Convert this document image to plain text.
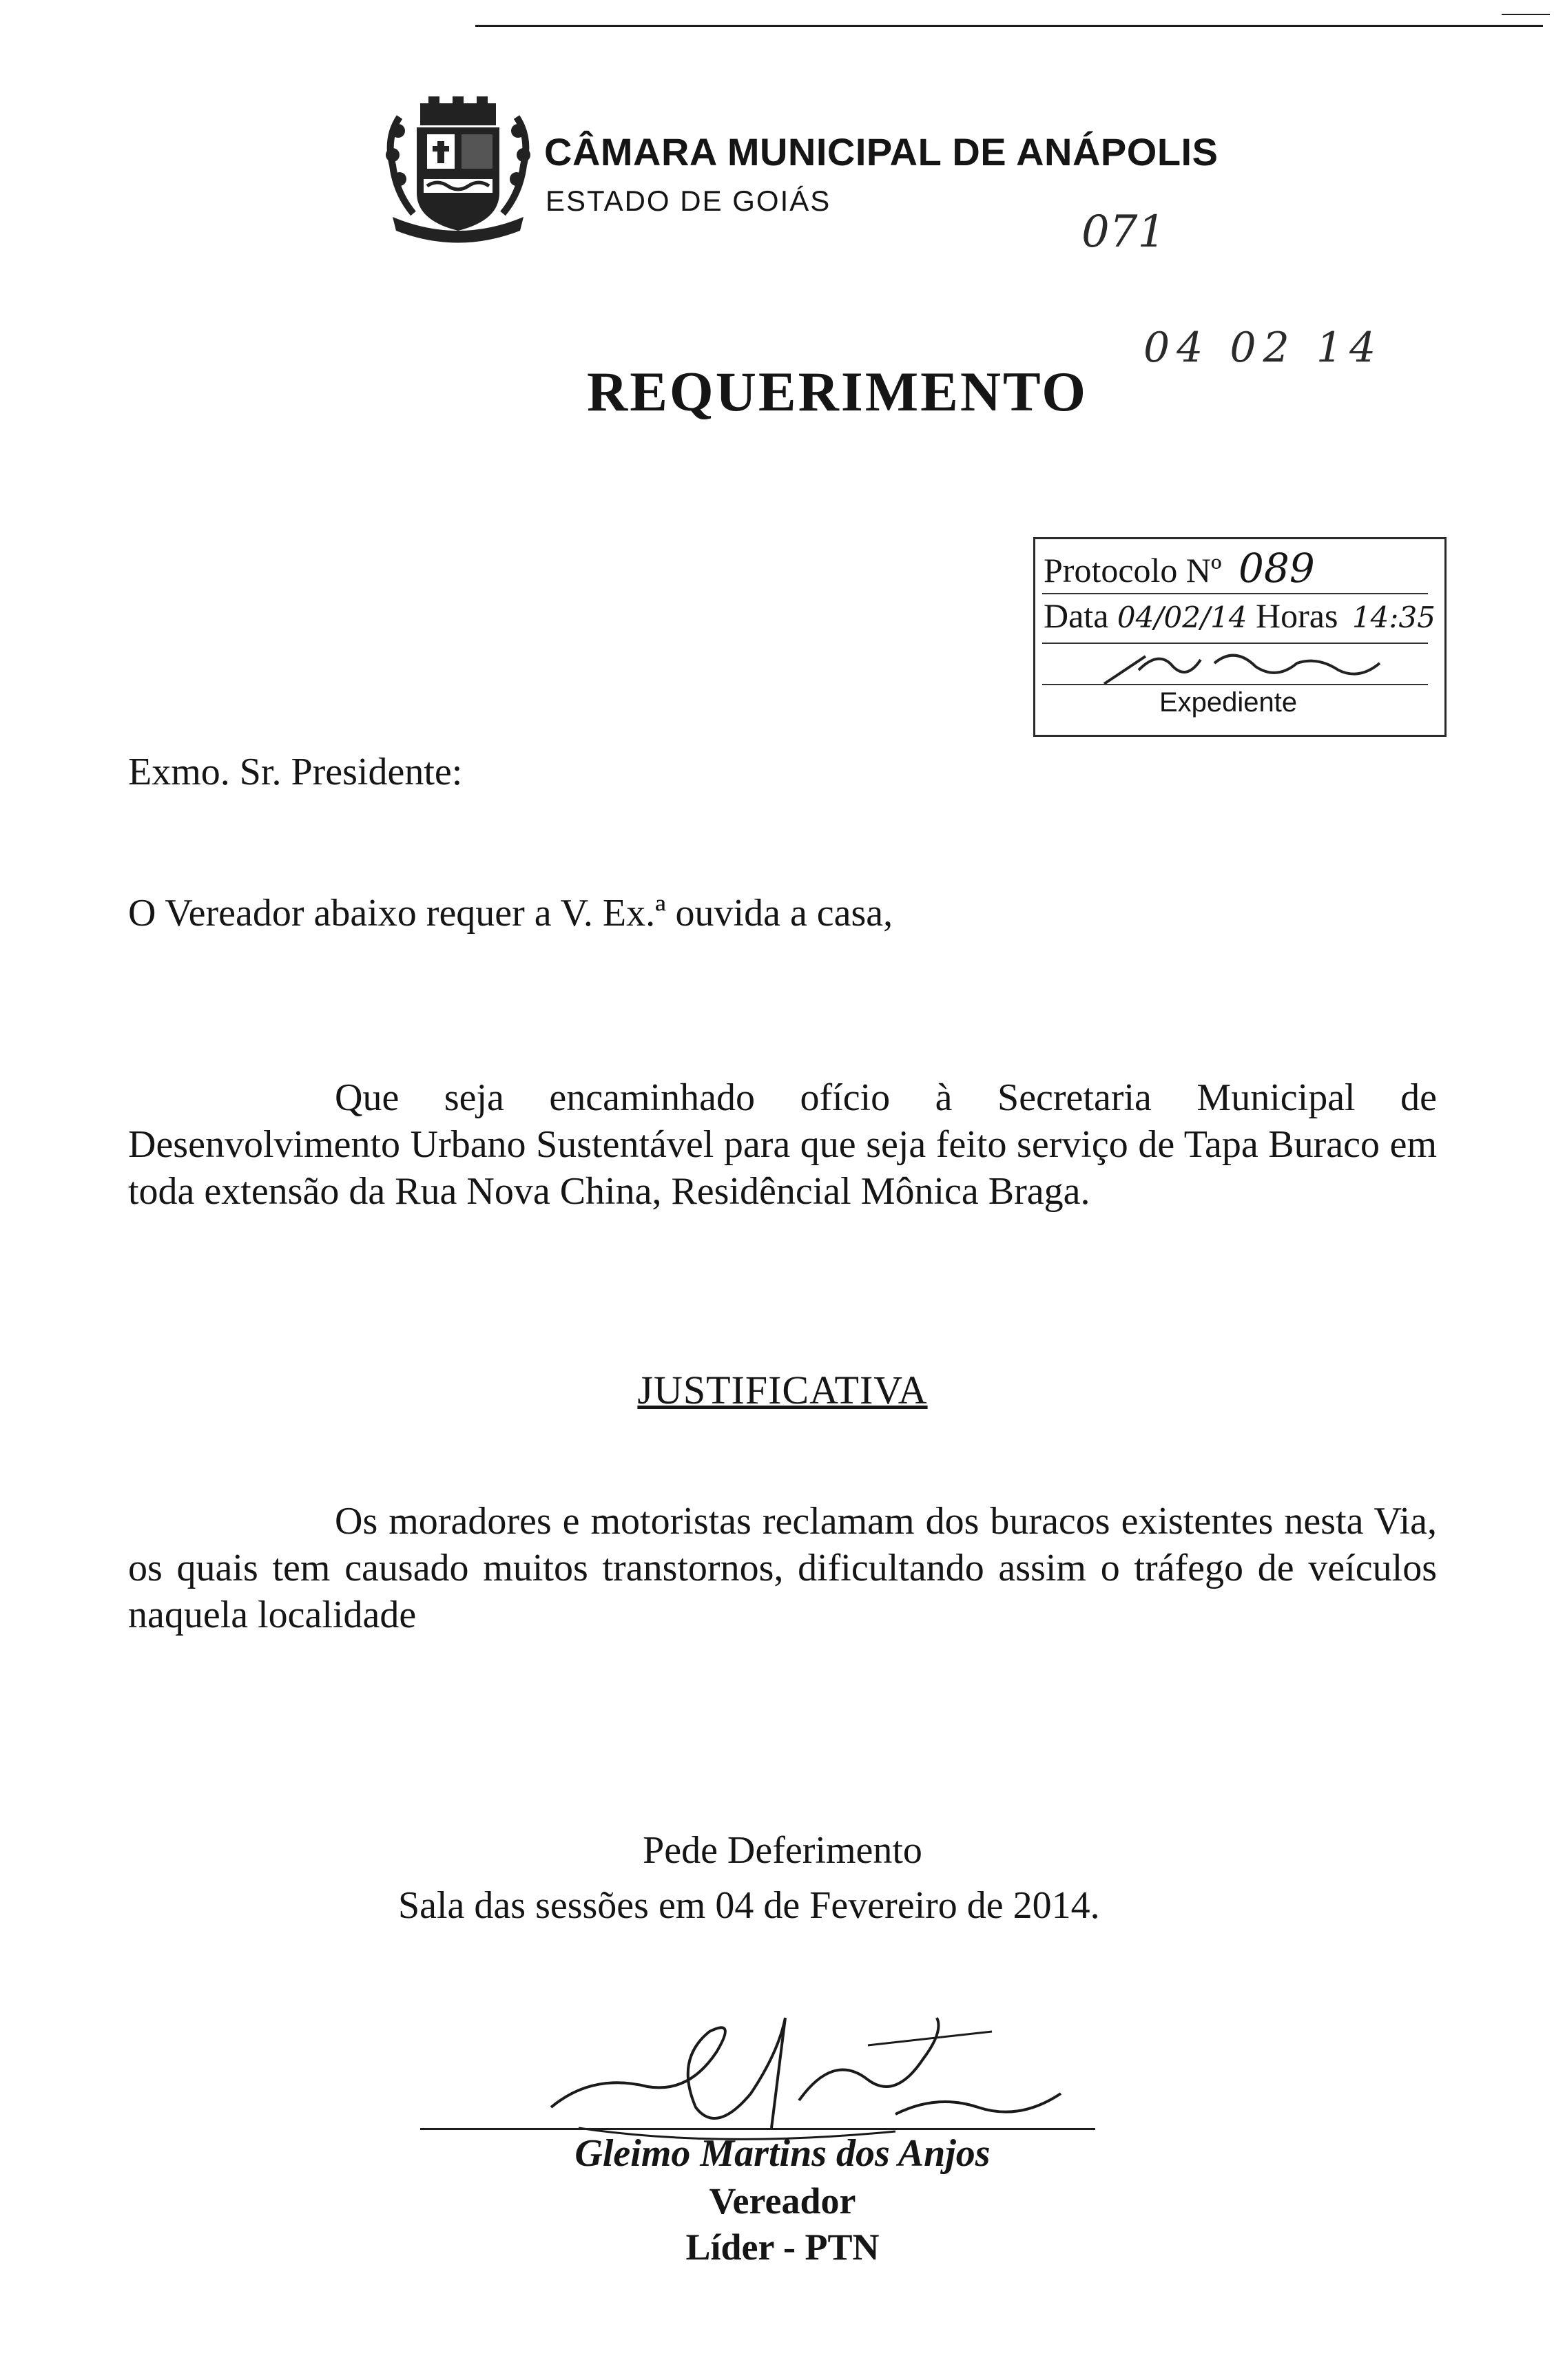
CÂMARA MUNICIPAL DE ANÁPOLIS
ESTADO DE GOIÁS
071
04 02 14
REQUERIMENTO
Protocolo Nº 089
Data 04/02/14 Horas 14:35
Expediente
Exmo. Sr. Presidente:
O Vereador abaixo requer a V. Ex.ª ouvida a casa,
Que seja encaminhado ofício à Secretaria Municipal de Desenvolvimento Urbano Sustentável para que seja feito serviço de Tapa Buraco em toda extensão da Rua Nova China, Residêncial Mônica Braga.
JUSTIFICATIVA
Os moradores e motoristas reclamam dos buracos existentes nesta Via, os quais tem causado muitos transtornos, dificultando assim o tráfego de veículos naquela localidade
Pede Deferimento
Sala das sessões em 04 de Fevereiro de 2014.
Gleimo Martins dos Anjos
Vereador
Líder - PTN
